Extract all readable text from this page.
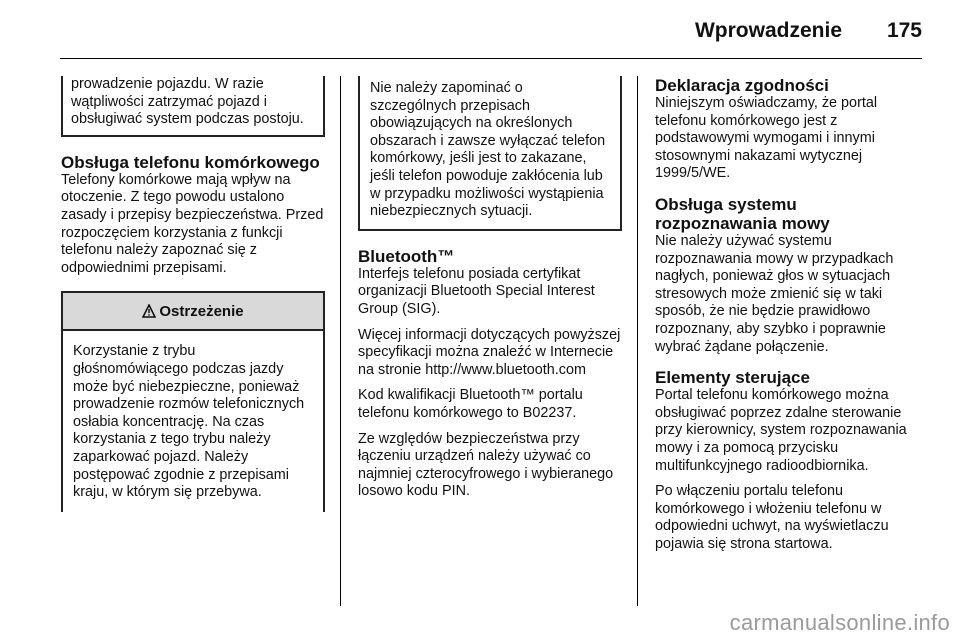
Wprowadzenie 175

prowadzenie pojazdu. W razie wątpliwości zatrzymać pojazd i obsługiwać system podczas postoju.

Obsługa telefonu komórkowego

Telefony komórkowe mają wpływ na otoczenie. Z tego powodu ustalono zasady i przepisy bezpieczeństwa. Przed rozpoczęciem korzystania z funkcji telefonu należy zapoznać się z odpowiednimi przepisami.

Ostrzeżenie

Korzystanie z trybu głośnomówiącego podczas jazdy może być niebezpieczne, ponieważ prowadzenie rozmów telefonicznych osłabia koncentrację. Na czas korzystania z tego trybu należy zaparkować pojazd. Należy postępować zgodnie z przepisami kraju, w którym się przebywa.

Nie należy zapominać o szczególnych przepisach obowiązujących na określonych obszarach i zawsze wyłączać telefon komórkowy, jeśli jest to zakazane, jeśli telefon powoduje zakłócenia lub w przypadku możliwości wystąpienia niebezpiecznych sytuacji.

Bluetooth™

Interfejs telefonu posiada certyfikat organizacji Bluetooth Special Interest Group (SIG).

Więcej informacji dotyczących powyższej specyfikacji można znaleźć w Internecie na stronie http://www.bluetooth.com

Kod kwalifikacji Bluetooth™ portalu telefonu komórkowego to B02237.

Ze względów bezpieczeństwa przy łączeniu urządzeń należy używać co najmniej czterocyfrowego i wybieranego losowo kodu PIN.

Deklaracja zgodności

Niniejszym oświadczamy, że portal telefonu komórkowego jest z podstawowymi wymogami i innymi stosownymi nakazami wytycznej 1999/5/WE.

Obsługa systemu rozpoznawania mowy

Nie należy używać systemu rozpoznawania mowy w przypadkach nagłych, ponieważ głos w sytuacjach stresowych może zmienić się w taki sposób, że nie będzie prawidłowo rozpoznany, aby szybko i poprawnie wybrać żądane połączenie.

Elementy sterujące

Portal telefonu komórkowego można obsługiwać poprzez zdalne sterowanie przy kierownicy, system rozpoznawania mowy i za pomocą przycisku multifunkcyjnego radioodbiornika.

Po włączeniu portalu telefonu komórkowego i włożeniu telefonu w odpowiedni uchwyt, na wyświetlaczu pojawia się strona startowa.

carmanualsonline.info
